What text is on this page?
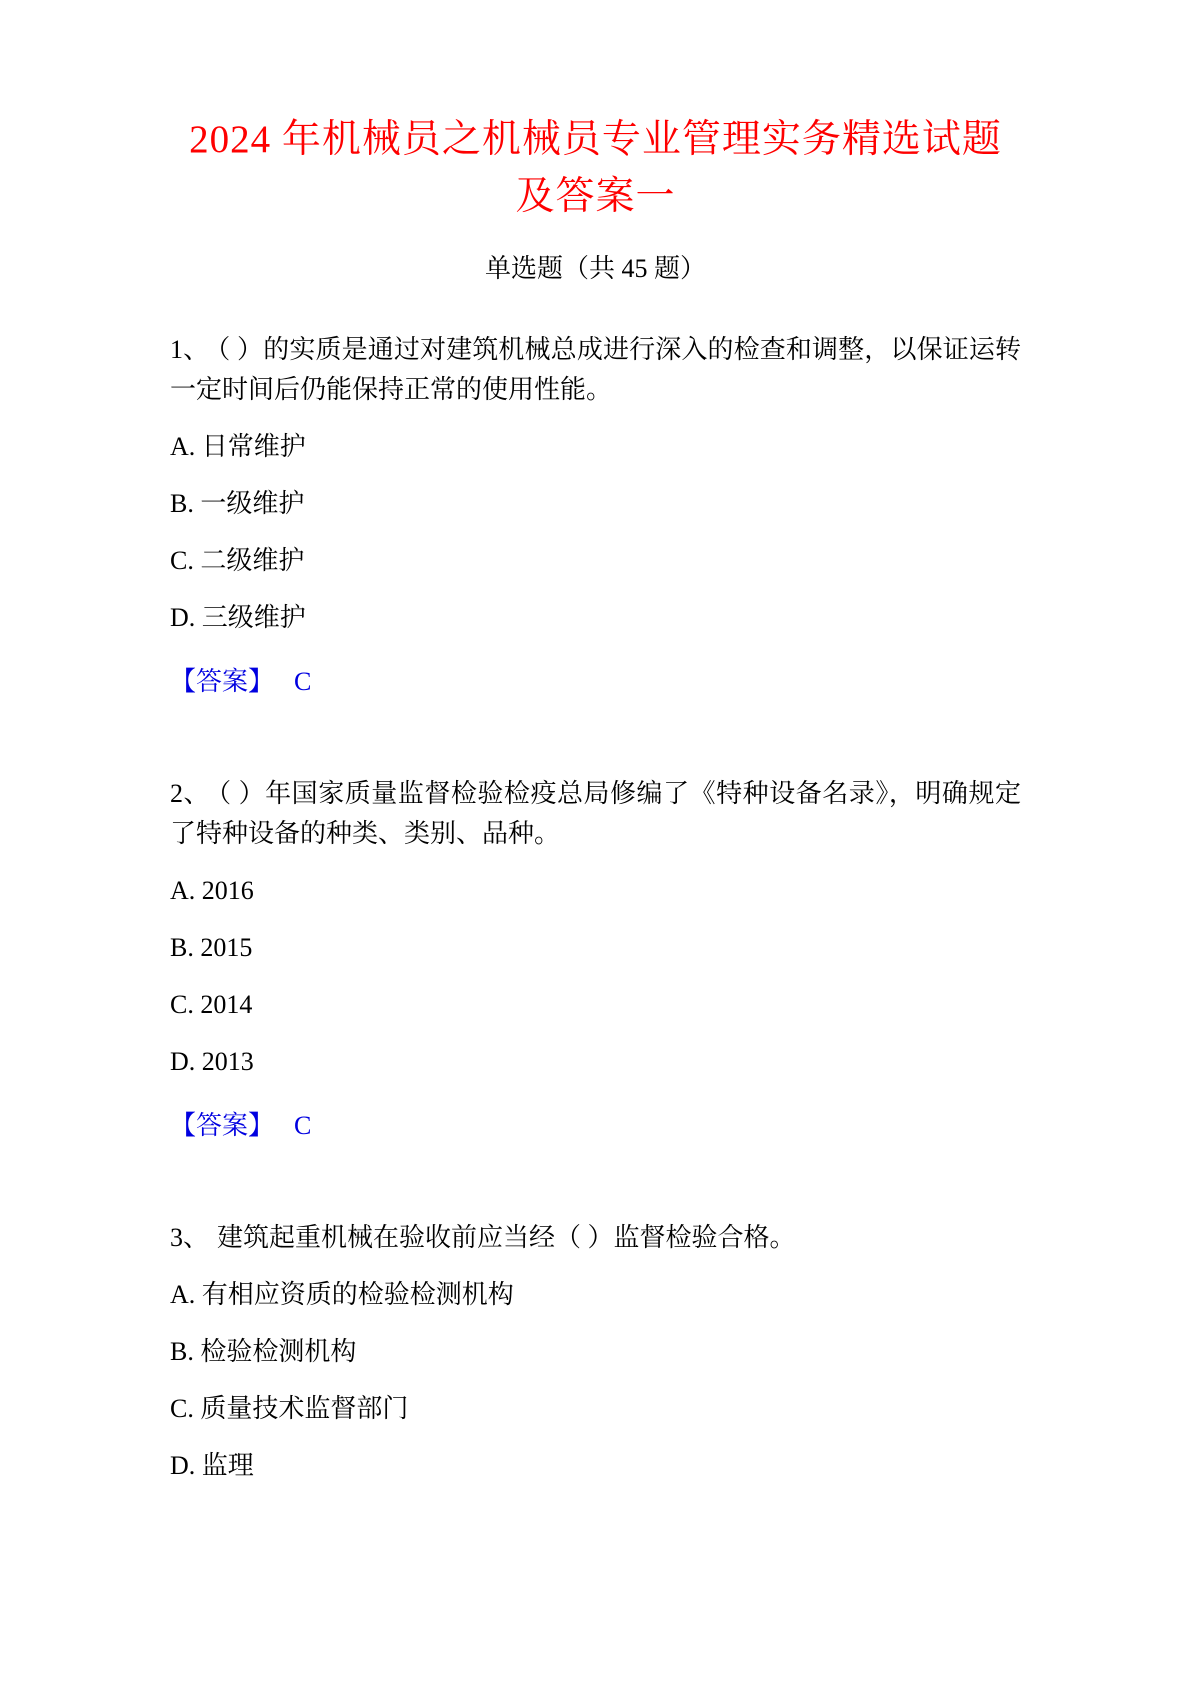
2024 年机械员之机械员专业管理实务精选试题及答案一

单选题（共 45 题）

1、 （ ）的实质是通过对建筑机械总成进行深入的检查和调整，以保证运转一定时间后仍能保持正常的使用性能。

A. 日常维护

B. 一级维护

C. 二级维护

D. 三级维护

【答案】 C

2、 （ ）年国家质量监督检验检疫总局修编了《特种设备名录》，明确规定了特种设备的种类、类别、品种。

A. 2016

B. 2015

C. 2014

D. 2013

【答案】 C

3、 建筑起重机械在验收前应当经（ ）监督检验合格。

A. 有相应资质的检验检测机构

B. 检验检测机构

C. 质量技术监督部门

D. 监理
